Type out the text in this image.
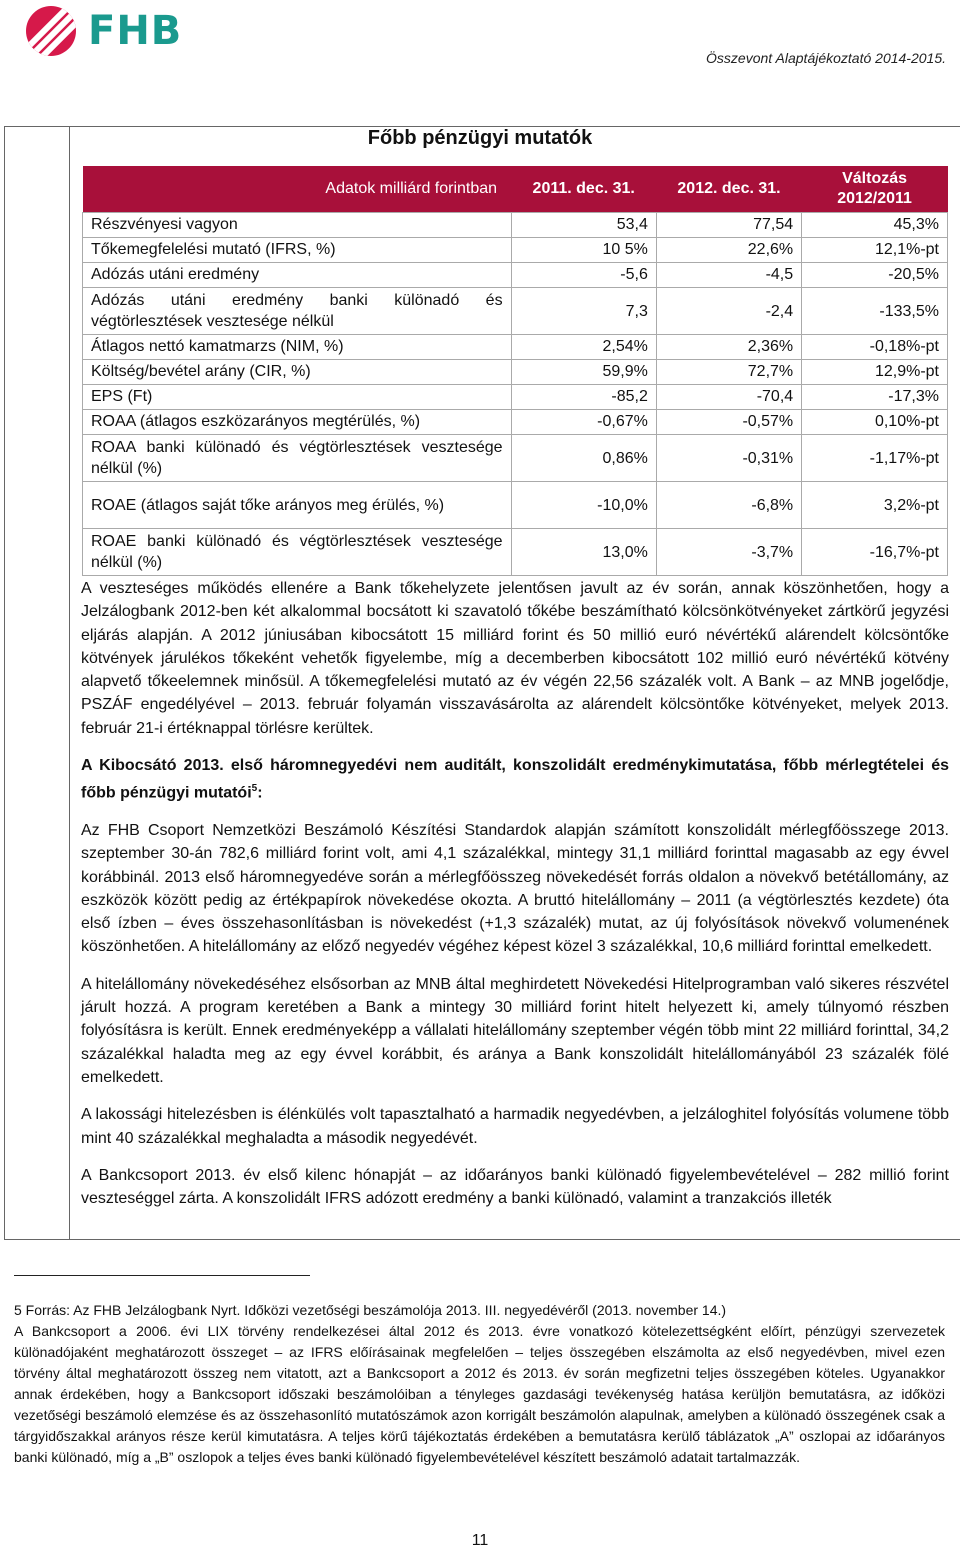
FHB
Összevont Alaptájékoztató 2014-2015.
Főbb pénzügyi mutatók
Adatok milliárd forintban	2011. dec. 31.	2012. dec. 31.	Változás 2012/2011
Részvényesi vagyon	53,4	77,54	45,3%
Tőkemegfelelési mutató (IFRS, %)	10 5%	22,6%	12,1%-pt
Adózás utáni eredmény	-5,6	-4,5	-20,5%
Adózás utáni eredmény banki különadó és végtörlesztések vesztesége nélkül	7,3	-2,4	-133,5%
Átlagos nettó kamatmarzs (NIM, %)	2,54%	2,36%	-0,18%-pt
Költség/bevétel arány (CIR, %)	59,9%	72,7%	12,9%-pt
EPS (Ft)	-85,2	-70,4	-17,3%
ROAA (átlagos eszközarányos megtérülés, %)	-0,67%	-0,57%	0,10%-pt
ROAA banki különadó és végtörlesztések vesztesége nélkül (%)	0,86%	-0,31%	-1,17%-pt
ROAE (átlagos saját tőke arányos meg érülés, %)	-10,0%	-6,8%	3,2%-pt
ROAE banki különadó és végtörlesztések vesztesége nélkül (%)	13,0%	-3,7%	-16,7%-pt

A veszteséges működés ellenére a Bank tőkehelyzete jelentősen javult az év során, annak köszönhetően, hogy a Jelzálogbank 2012-ben két alkalommal bocsátott ki szavatoló tőkébe beszámítható kölcsönkötvényeket zártkörű jegyzési eljárás alapján. A 2012 júniusában kibocsátott 15 milliárd forint és 50 millió euró névértékű alárendelt kölcsöntőke kötvények járulékos tőkeként vehetők figyelembe, míg a decemberben kibocsátott 102 millió euró névértékű kötvény alapvető tőkeelemnek minősül. A tőkemegfelelési mutató az év végén 22,56 százalék volt. A Bank – az MNB jogelődje, PSZÁF engedélyével – 2013. február folyamán visszavásárolta az alárendelt kölcsöntőke kötvényeket, melyek 2013. február 21-i értéknappal törlésre kerültek.

A Kibocsátó 2013. első háromnegyedévi nem auditált, konszolidált eredménykimutatása, főbb mérlegtételei és főbb pénzügyi mutatói$^5$:

Az FHB Csoport Nemzetközi Beszámoló Készítési Standardok alapján számított konszolidált mérlegfőösszege 2013. szeptember 30-án 782,6 milliárd forint volt, ami 4,1 százalékkal, mintegy 31,1 milliárd forinttal magasabb az egy évvel korábbinál. 2013 első háromnegyedéve során a mérlegfőösszeg növekedését forrás oldalon a növekvő betétállomány, az eszközök között pedig az értékpapírok növekedése okozta. A bruttó hitelállomány – 2011 (a végtörlesztés kezdete) óta első ízben – éves összehasonlításban is növekedést (+1,3 százalék) mutat, az új folyósítások növekvő volumenének köszönhetően. A hitelállomány az előző negyedév végéhez képest közel 3 százalékkal, 10,6 milliárd forinttal emelkedett.

A hitelállomány növekedéséhez elsősorban az MNB által meghirdetett Növekedési Hitelprogramban való sikeres részvétel járult hozzá. A program keretében a Bank a mintegy 30 milliárd forint hitelt helyezett ki, amely túlnyomó részben folyósításra is került. Ennek eredményeképp a vállalati hitelállomány szeptember végén több mint 22 milliárd forinttal, 34,2 százalékkal haladta meg az egy évvel korábbit, és aránya a Bank konszolidált hitelállományából 23 százalék fölé emelkedett.

A lakossági hitelezésben is élénkülés volt tapasztalható a harmadik negyedévben, a jelzáloghitel folyósítás volumene több mint 40 százalékkal meghaladta a második negyedévét.

A Bankcsoport 2013. év első kilenc hónapját – az időarányos banki különadó figyelembevételével – 282 millió forint veszteséggel zárta. A konszolidált IFRS adózott eredmény a banki különadó, valamint a tranzakciós illeték

5 Forrás: Az FHB Jelzálogbank Nyrt. Időközi vezetőségi beszámolója 2013. III. negyedévéről (2013. november 14.)

A Bankcsoport a 2006. évi LIX törvény rendelkezései által 2012 és 2013. évre vonatkozó kötelezettségként előírt, pénzügyi szervezetek különadójaként meghatározott összeget – az IFRS előírásainak megfelelően – teljes összegében elszámolta az első negyedévben, mivel ezen törvény által meghatározott összeg nem vitatott, azt a Bankcsoport a 2012 és 2013. év során megfizetni teljes összegében köteles. Ugyanakkor annak érdekében, hogy a Bankcsoport időszaki beszámolóiban a tényleges gazdasági tevékenység hatása kerüljön bemutatásra, az időközi vezetőségi beszámoló elemzése és az összehasonlító mutatószámok azon korrigált beszámolón alapulnak, amelyben a különadó összegének csak a tárgyidőszakkal arányos része kerül kimutatásra. A teljes körű tájékoztatás érdekében a bemutatásra kerülő táblázatok „A” oszlopai az időarányos banki különadó, míg a „B” oszlopok a teljes éves banki különadó figyelembevételével készített beszámoló adatait tartalmazzák.

11
